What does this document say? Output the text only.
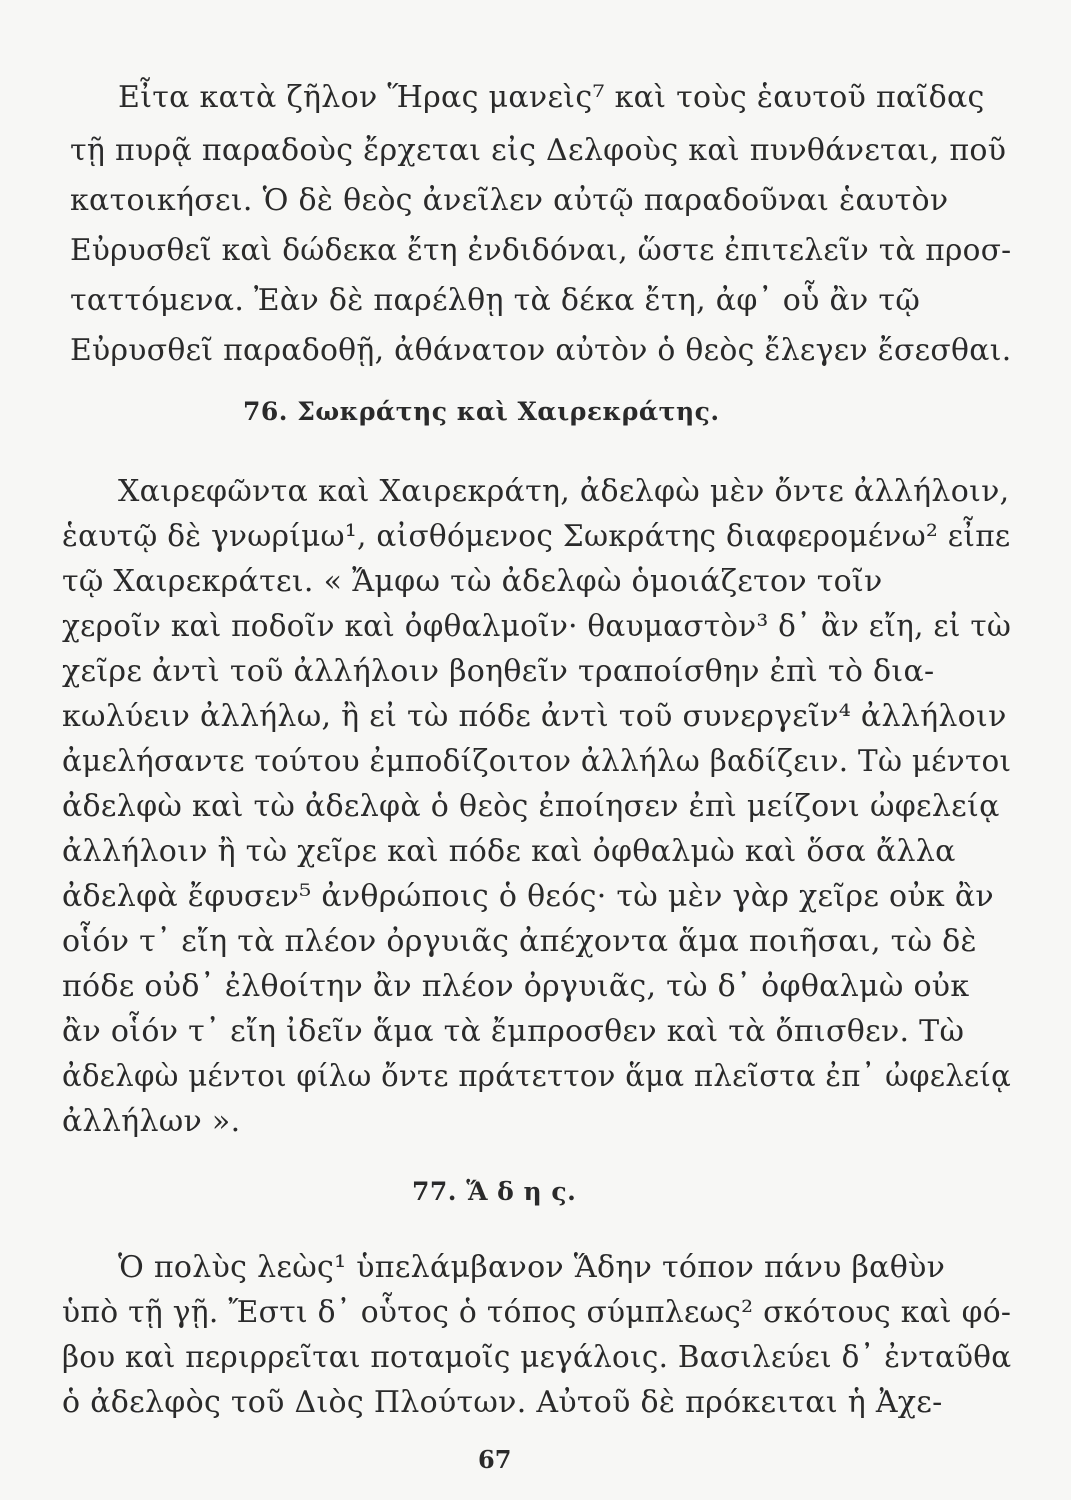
Εἶτα κατὰ ζῆλον Ἥρας μανεὶς⁷ καὶ τοὺς ἑαυτοῦ παῖδας
τῇ πυρᾷ παραδοὺς ἔρχεται εἰς Δελφοὺς καὶ πυνθάνεται, ποῦ
κατοικήσει. Ὁ δὲ θεὸς ἀνεῖλεν αὐτῷ παραδοῦναι ἑαυτὸν
Εὐρυσθεῖ καὶ δώδεκα ἔτη ἐνδιδόναι, ὥστε ἐπιτελεῖν τὰ προσ-
ταττόμενα. Ἐὰν δὲ παρέλθῃ τὰ δέκα ἔτη, ἀφ᾽ οὗ ἂν τῷ
Εὐρυσθεῖ παραδοθῇ, ἀθάνατον αὐτὸν ὁ θεὸς ἔλεγεν ἔσεσθαι.
76. Σωκράτης καὶ Χαιρεκράτης.
Χαιρεφῶντα καὶ Χαιρεκράτη, ἀδελφὼ μὲν ὄντε ἀλλήλοιν,
ἑαυτῷ δὲ γνωρίμω¹, αἰσθόμενος Σωκράτης διαφερομένω² εἶπε
τῷ Χαιρεκράτει. « Ἄμφω τὼ ἀδελφὼ ὁμοιάζετον τοῖν
χεροῖν καὶ ποδοῖν καὶ ὀφθαλμοῖν· θαυμαστὸν³ δ᾽ ἂν εἴη, εἰ τὼ
χεῖρε ἀντὶ τοῦ ἀλλήλοιν βοηθεῖν τραποίσθην ἐπὶ τὸ δια-
κωλύειν ἀλλήλω, ἢ εἰ τὼ πόδε ἀντὶ τοῦ συνεργεῖν⁴ ἀλλήλοιν
ἀμελήσαντε τούτου ἐμποδίζοιτον ἀλλήλω βαδίζειν. Τὼ μέντοι
ἀδελφὼ καὶ τὼ ἀδελφὰ ὁ θεὸς ἐποίησεν ἐπὶ μείζονι ὠφελείᾳ
ἀλλήλοιν ἢ τὼ χεῖρε καὶ πόδε καὶ ὀφθαλμὼ καὶ ὅσα ἄλλα
ἀδελφὰ ἔφυσεν⁵ ἀνθρώποις ὁ θεός· τὼ μὲν γὰρ χεῖρε οὐκ ἂν
οἷόν τ᾽ εἴη τὰ πλέον ὀργυιᾶς ἀπέχοντα ἅμα ποιῆσαι, τὼ δὲ
πόδε οὐδ᾽ ἐλθοίτην ἂν πλέον ὀργυιᾶς, τὼ δ᾽ ὀφθαλμὼ οὐκ
ἂν οἷόν τ᾽ εἴη ἰδεῖν ἅμα τὰ ἔμπροσθεν καὶ τὰ ὄπισθεν. Τὼ
ἀδελφὼ μέντοι φίλω ὄντε πράτεττον ἅμα πλεῖστα ἐπ᾽ ὠφελείᾳ
ἀλλήλων ».
77. Ἅ δ η ς.
Ὁ πολὺς λεὼς¹ ὑπελάμβανον Ἅδην τόπον πάνυ βαθὺν
ὑπὸ τῇ γῇ. Ἔστι δ᾽ οὗτος ὁ τόπος σύμπλεως² σκότους καὶ φό-
βου καὶ περιρρεῖται ποταμοῖς μεγάλοις. Βασιλεύει δ᾽ ἐνταῦθα
ὁ ἀδελφὸς τοῦ Διὸς Πλούτων. Αὐτοῦ δὲ πρόκειται ἡ Ἀχε-
67
